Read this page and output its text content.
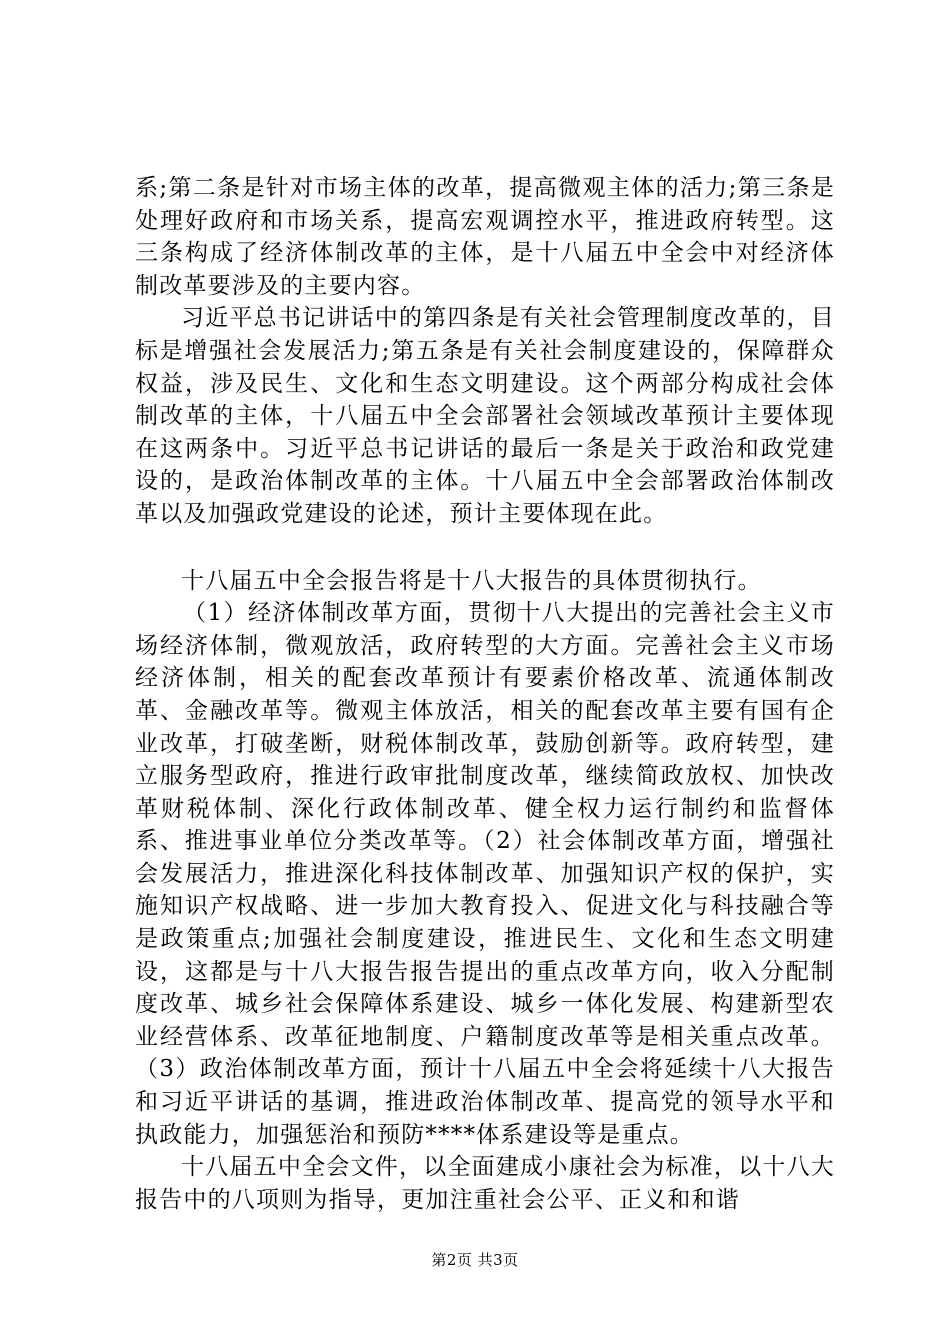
系;第二条是针对市场主体的改革，提高微观主体的活力;第三条是处理好政府和市场关系，提高宏观调控水平，推进政府转型。这三条构成了经济体制改革的主体，是十八届五中全会中对经济体制改革要涉及的主要内容。

习近平总书记讲话中的第四条是有关社会管理制度改革的，目标是增强社会发展活力;第五条是有关社会制度建设的，保障群众权益，涉及民生、文化和生态文明建设。这个两部分构成社会体制改革的主体，十八届五中全会部署社会领域改革预计主要体现在这两条中。习近平总书记讲话的最后一条是关于政治和政党建设的，是政治体制改革的主体。十八届五中全会部署政治体制改革以及加强政党建设的论述，预计主要体现在此。

十八届五中全会报告将是十八大报告的具体贯彻执行。

（1）经济体制改革方面，贯彻十八大提出的完善社会主义市场经济体制，微观放活，政府转型的大方面。完善社会主义市场经济体制，相关的配套改革预计有要素价格改革、流通体制改革、金融改革等。微观主体放活，相关的配套改革主要有国有企业改革，打破垄断，财税体制改革，鼓励创新等。政府转型，建立服务型政府，推进行政审批制度改革，继续简政放权、加快改革财税体制、深化行政体制改革、健全权力运行制约和监督体系、推进事业单位分类改革等。（2）社会体制改革方面，增强社会发展活力，推进深化科技体制改革、加强知识产权的保护，实施知识产权战略、进一步加大教育投入、促进文化与科技融合等是政策重点;加强社会制度建设，推进民生、文化和生态文明建设，这都是与十八大报告报告提出的重点改革方向，收入分配制度改革、城乡社会保障体系建设、城乡一体化发展、构建新型农业经营体系、改革征地制度、户籍制度改革等是相关重点改革。（3）政治体制改革方面，预计十八届五中全会将延续十八大报告和习近平讲话的基调，推进政治体制改革、提高党的领导水平和执政能力，加强惩治和预防****体系建设等是重点。

十八届五中全会文件，以全面建成小康社会为标准，以十八大报告中的八项则为指导，更加注重社会公平、正义和和谐

第2页 共3页
